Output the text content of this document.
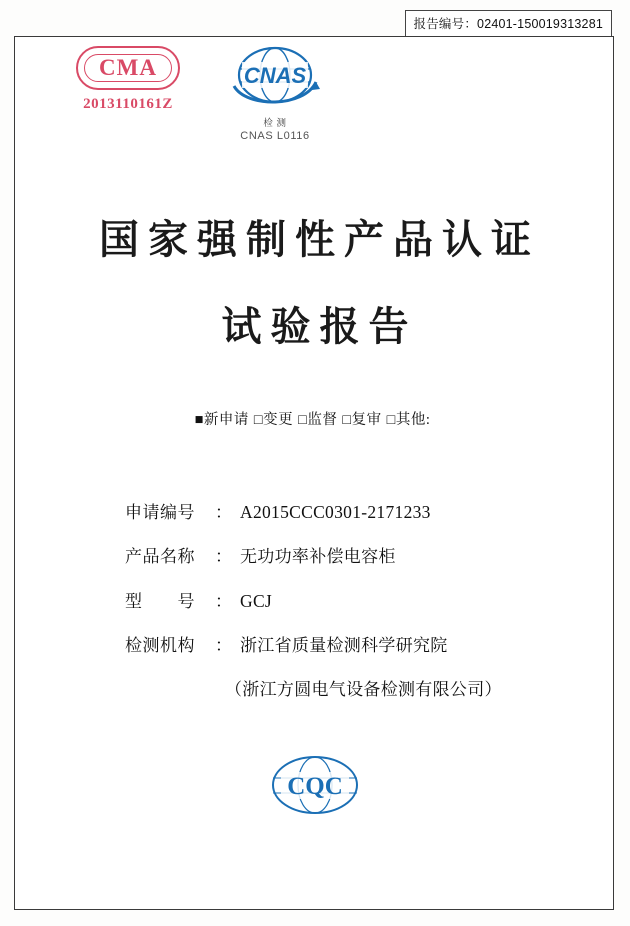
报告编号：02401-150019313281
CMA
2013110161Z
CNAS
检 测
CNAS L0116
国家强制性产品认证
试验报告
■新申请 □变更 □监督 □复审 □其他:
申请编号	： A2015CCC0301-2171233
产品名称	： 无功功率补偿电容柜
型　　号	： GCJ
检测机构	： 浙江省质量检测科学研究院
（浙江方圆电气设备检测有限公司）
CQC
